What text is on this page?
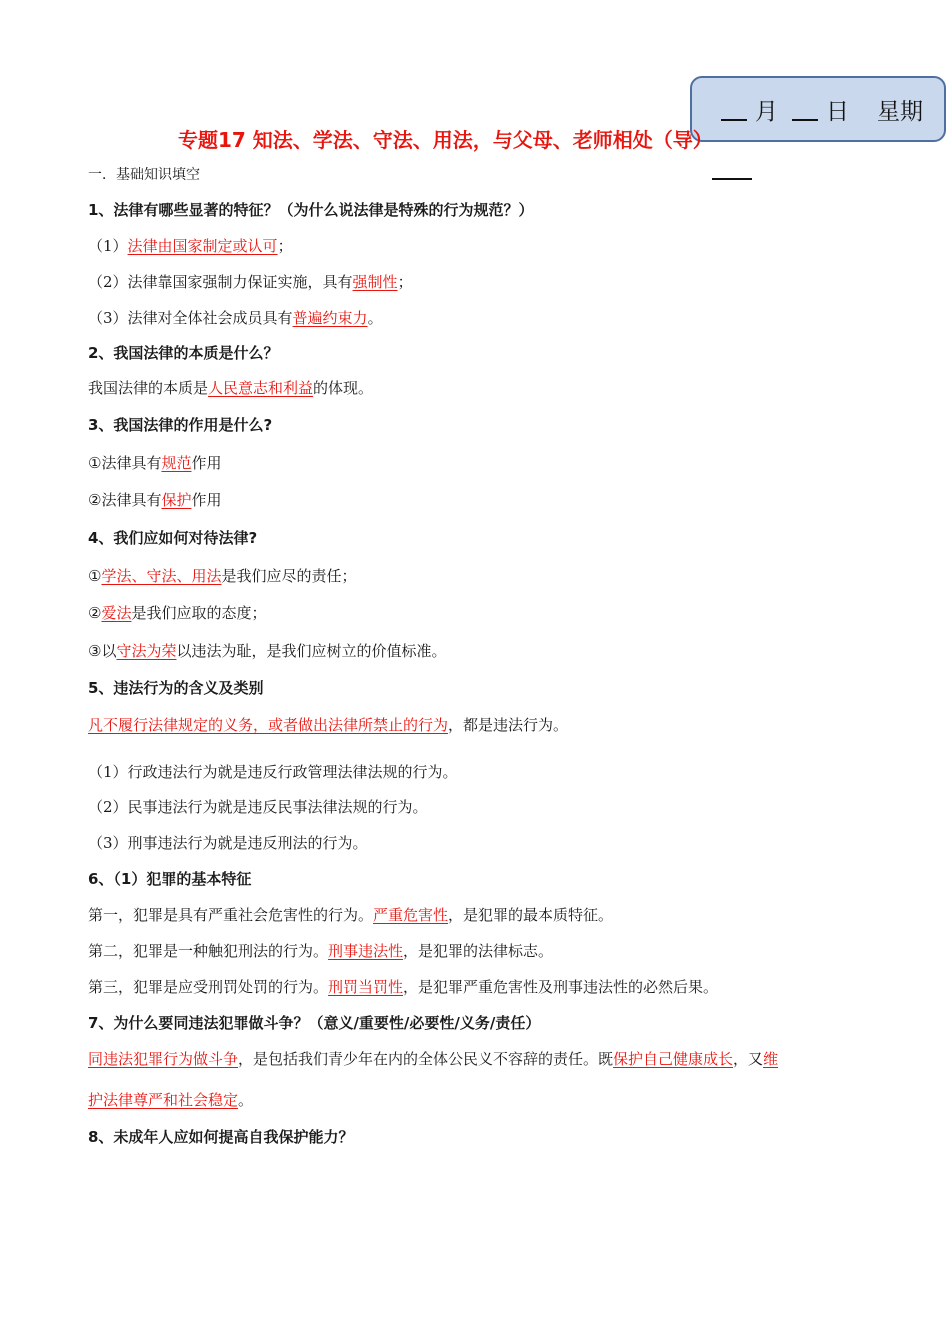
月 日 星期
专题17 知法、学法、守法、用法，与父母、老师相处（导）
一．基础知识填空
1、法律有哪些显著的特征？（为什么说法律是特殊的行为规范？）
（1）法律由国家制定或认可；
（2）法律靠国家强制力保证实施，具有强制性；
（3）法律对全体社会成员具有普遍约束力。
2、我国法律的本质是什么？
我国法律的本质是人民意志和利益的体现。
3、我国法律的作用是什么?
①法律具有规范作用
②法律具有保护作用
4、我们应如何对待法律?
①学法、守法、用法是我们应尽的责任；
②爱法是我们应取的态度；
③以守法为荣以违法为耻，是我们应树立的价值标准。
5、违法行为的含义及类别
凡不履行法律规定的义务，或者做出法律所禁止的行为，都是违法行为。
（1）行政违法行为就是违反行政管理法律法规的行为。
（2）民事违法行为就是违反民事法律法规的行为。
（3）刑事违法行为就是违反刑法的行为。
6、（1）犯罪的基本特征
第一，犯罪是具有严重社会危害性的行为。严重危害性，是犯罪的最本质特征。
第二，犯罪是一种触犯刑法的行为。刑事违法性，是犯罪的法律标志。
第三，犯罪是应受刑罚处罚的行为。刑罚当罚性，是犯罪严重危害性及刑事违法性的必然后果。
7、为什么要同违法犯罪做斗争？（意义/重要性/必要性/义务/责任）
同违法犯罪行为做斗争，是包括我们青少年在内的全体公民义不容辞的责任。既保护自己健康成长，又维
护法律尊严和社会稳定。
8、未成年人应如何提高自我保护能力？
